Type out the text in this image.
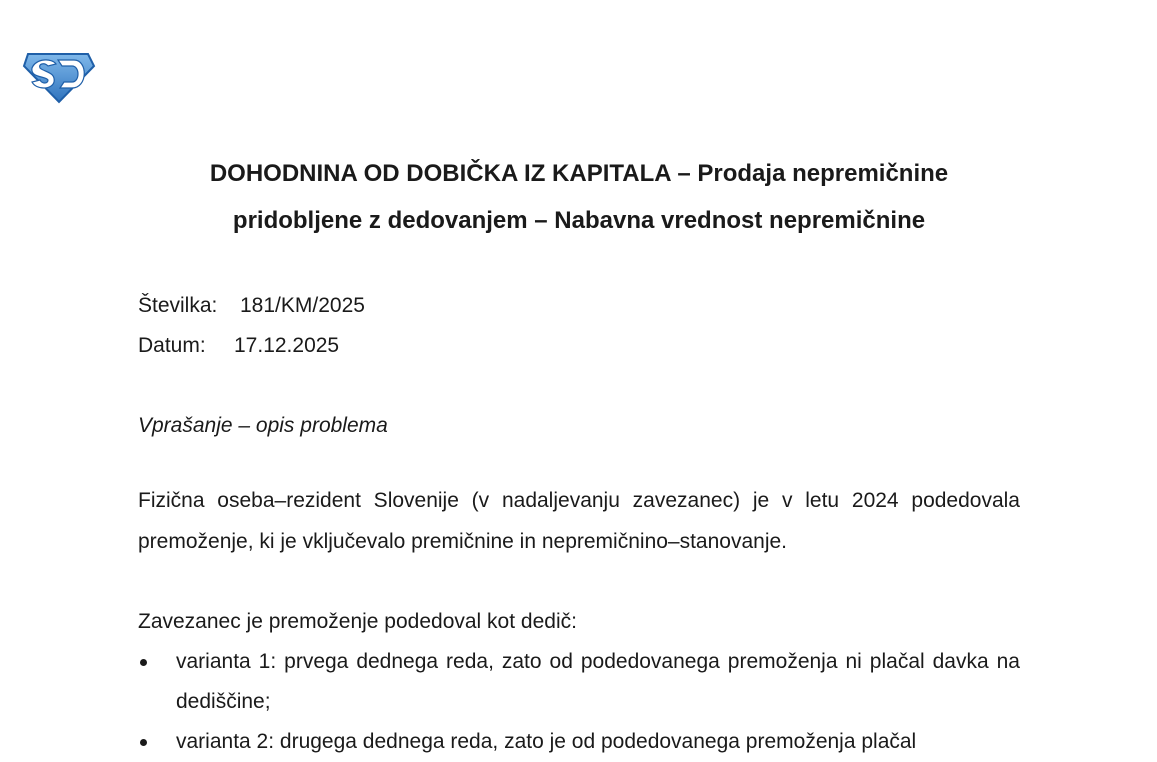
DOHODNINA OD DOBIČKA IZ KAPITALA – Prodaja nepremičnine
pridobljene z dedovanjem – Nabavna vrednost nepremičnine
Številka:	181/KM/2025
Datum:	17.12.2025
Vprašanje – opis problema

Fizična oseba–rezident Slovenije (v nadaljevanju zavezanec) je v letu 2024 podedovala premoženje, ki je vključevalo premičnine in nepremičnino–stanovanje.

Zavezanec je premoženje podedoval kot dedič:

varianta 1: prvega dednega reda, zato od podedovanega premoženja ni plačal davka na dediščine;
varianta 2: drugega dednega reda, zato je od podedovanega premoženja plačal
